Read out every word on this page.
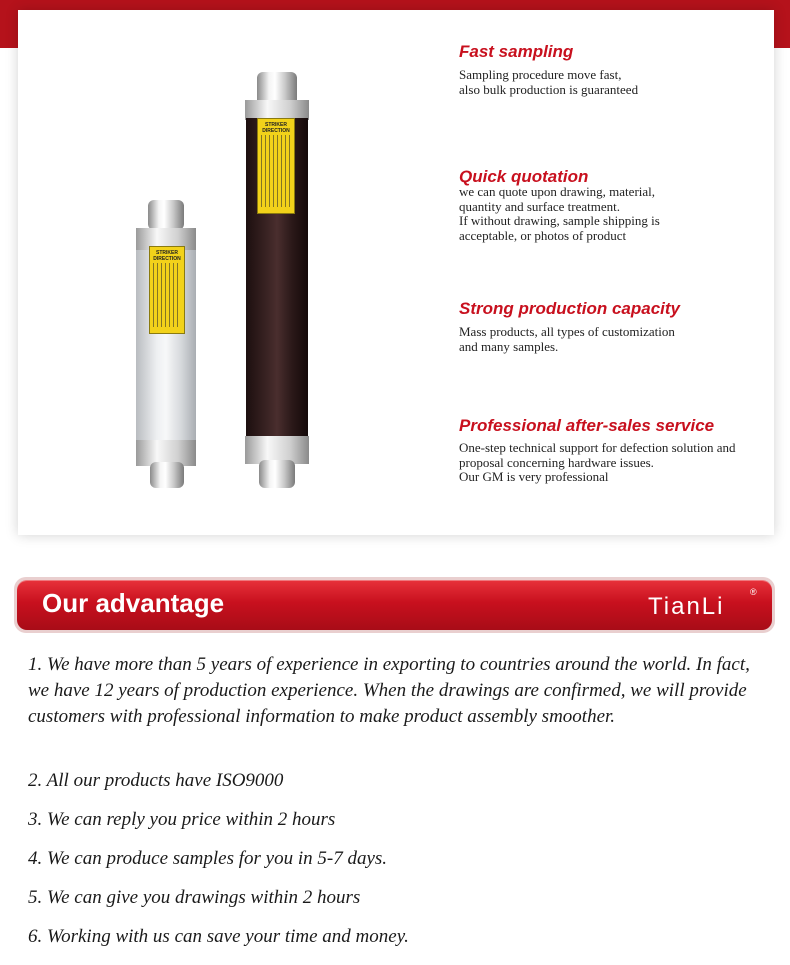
STRIKER DIRECTION
STRIKER DIRECTION
Fast sampling
Sampling procedure move fast,
also bulk production is guaranteed
Quick quotation
we can quote upon drawing, material,
quantity and surface treatment.
If without drawing, sample shipping is
acceptable, or photos of product
Strong production capacity
Mass products, all types of customization
and many samples.
Professional after-sales service
One-step technical support for defection solution and
proposal concerning hardware issues.
Our GM is very professional
Our advantage	TianLi
®
1. We have more than 5 years of experience in exporting to countries around the world. In fact, we have 12 years of production experience. When the drawings are confirmed, we will provide customers with professional information to make product assembly smoother.
2. All our products have ISO9000
3. We can reply you price within 2 hours
4. We can produce samples for you in 5-7 days.
5. We can give you drawings within 2 hours
6. Working with us can save your time and money.
